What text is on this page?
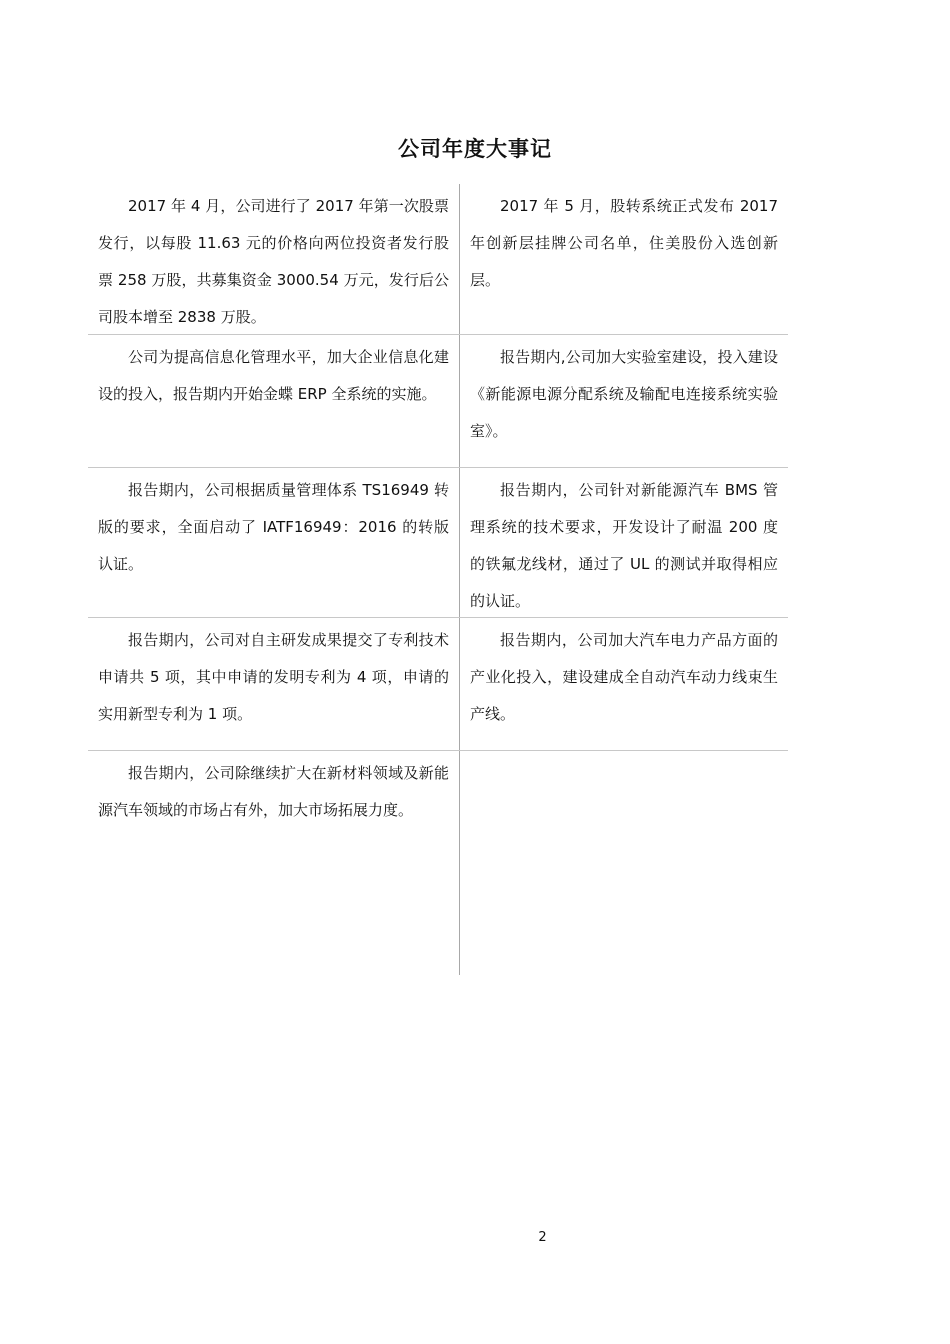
公司年度大事记
2017 年 4 月，公司进行了 2017 年第一次股票发行，以每股 11.63 元的价格向两位投资者发行股票 258 万股，共募集资金 3000.54 万元，发行后公司股本增至 2838 万股。
2017 年 5 月，股转系统正式发布 2017 年创新层挂牌公司名单，住美股份入选创新层。
公司为提高信息化管理水平，加大企业信息化建设的投入，报告期内开始金蝶 ERP 全系统的实施。
报告期内,公司加大实验室建设，投入建设《新能源电源分配系统及输配电连接系统实验室》。
报告期内，公司根据质量管理体系 TS16949 转版的要求，全面启动了 IATF16949：2016 的转版认证。
报告期内，公司针对新能源汽车 BMS 管理系统的技术要求，开发设计了耐温 200 度的铁氟龙线材，通过了 UL 的测试并取得相应的认证。
报告期内，公司对自主研发成果提交了专利技术申请共 5 项，其中申请的发明专利为 4 项，申请的实用新型专利为 1 项。
报告期内，公司加大汽车电力产品方面的产业化投入，建设建成全自动汽车动力线束生产线。
报告期内，公司除继续扩大在新材料领域及新能源汽车领域的市场占有外，加大市场拓展力度。
2
